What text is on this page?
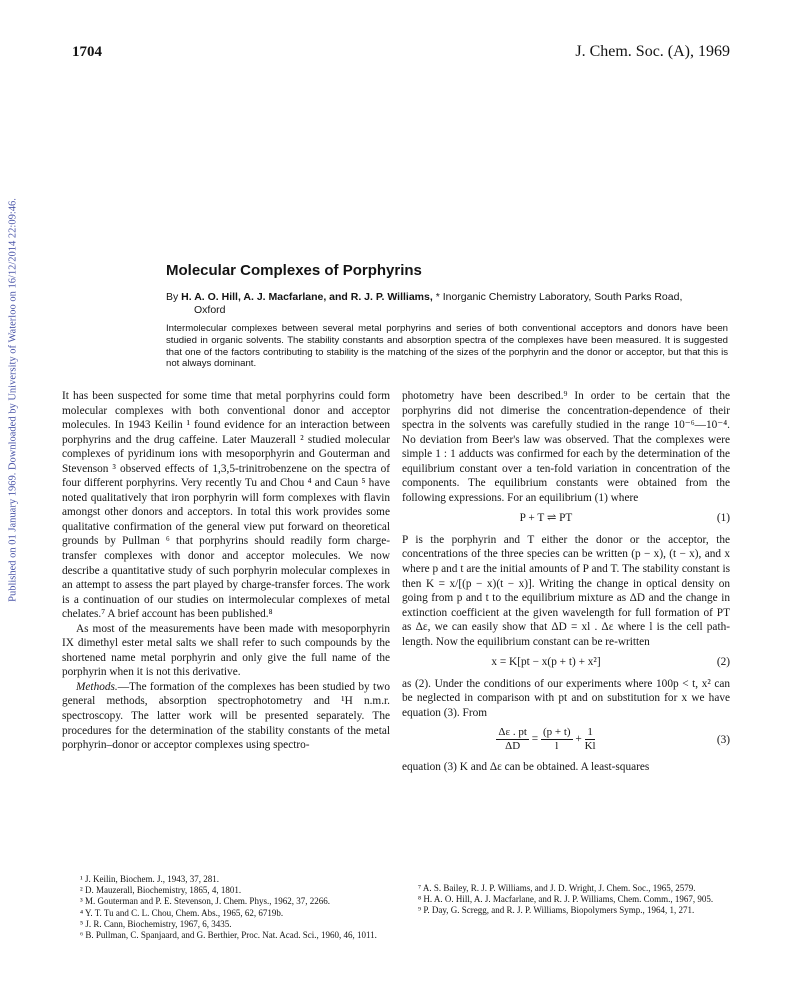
1704	J. Chem. Soc. (A), 1969
Published on 01 January 1969. Downloaded by University of Waterloo on 16/12/2014 22:09:46.	Molecular Complexes of Porphyrins
By H. A. O. Hill, A. J. Macfarlane, and R. J. P. Williams, * Inorganic Chemistry Laboratory, South Parks Road,
Oxford
Intermolecular complexes between several metal porphyrins and series of both conventional acceptors and donors have been studied in organic solvents. The stability constants and absorption spectra of the complexes have been measured. It is suggested that one of the factors contributing to stability is the matching of the sizes of the porphyrin and the donor or acceptor, but that this is not always dominant.

It has been suspected for some time that metal porphyrins could form molecular complexes with both conventional donor and acceptor molecules. In 1943 Keilin ¹ found evidence for an interaction between porphyrins and the drug caffeine. Later Mauzerall ² studied molecular complexes of pyridinum ions with mesoporphyrin and Gouterman and Stevenson ³ observed effects of 1,3,5-trinitrobenzene on the spectra of four different porphyrins. Very recently Tu and Chou ⁴ and Caun ⁵ have noted qualitatively that iron porphyrin will form complexes with flavin amongst other donors and acceptors. In total this work provides some qualitative confirmation of the general view put forward on theoretical grounds by Pullman ⁶ that porphyrins should readily form charge-transfer complexes with donor and acceptor molecules. We now describe a quantitative study of such porphyrin molecular complexes in an attempt to assess the part played by charge-transfer forces. The work is a continuation of our studies on intermolecular complexes of metal chelates.⁷ A brief account has been published.⁸

As most of the measurements have been made with mesoporphyrin IX dimethyl ester metal salts we shall refer to such compounds by the shortened name metal porphyrin and only give the full name of the porphyrin when it is not this derivative.

Methods.—The formation of the complexes has been studied by two general methods, absorption spectrophotometry and ¹H n.m.r. spectroscopy. The latter work will be presented separately. The procedures for the determination of the stability constants of the metal porphyrin–donor or acceptor complexes using spectro-

photometry have been described.⁹ In order to be certain that the porphyrins did not dimerise the concentration-dependence of their spectra in the solvents was carefully studied in the range 10⁻⁶—10⁻⁴. No deviation from Beer's law was observed. That the complexes were simple 1 : 1 adducts was confirmed for each by the determination of the equilibrium constant over a ten-fold variation in concentration of the components. The equilibrium constants were obtained from the following expressions. For an equilibrium (1) where

P + T ⇌ PT	(1)

P is the porphyrin and T either the donor or the acceptor, the concentrations of the three species can be written (p − x), (t − x), and x where p and t are the initial amounts of P and T. The stability constant is then K = x/[(p − x)(t − x)]. Writing the change in optical density on going from p and t to the equilibrium mixture as ΔD and the change in extinction coefficient at the given wavelength for full formation of PT as Δε, we can easily show that ΔD = xl . Δε where l is the cell path-length. Now the equilibrium constant can be re-written

x = K[pt − x(p + t) + x²]	(2)

as (2). Under the conditions of our experiments where 100p < t, x² can be neglected in comparison with pt and on substitution for x we have equation (3). From

$\frac{\Delta\varepsilon . pt}{\Delta D} = \frac{(p + t)}{l} + \frac{1}{Kl}$	(3)

equation (3) K and Δε can be obtained. A least-squares

¹ J. Keilin, Biochem. J., 1943, 37, 281.
² D. Mauzerall, Biochemistry, 1865, 4, 1801.
³ M. Gouterman and P. E. Stevenson, J. Chem. Phys., 1962, 37, 2266.
⁴ Y. T. Tu and C. L. Chou, Chem. Abs., 1965, 62, 6719b.
⁵ J. R. Cann, Biochemistry, 1967, 6, 3435.
⁶ B. Pullman, C. Spanjaard, and G. Berthier, Proc. Nat. Acad. Sci., 1960, 46, 1011.
⁷ A. S. Bailey, R. J. P. Williams, and J. D. Wright, J. Chem. Soc., 1965, 2579.
⁸ H. A. O. Hill, A. J. Macfarlane, and R. J. P. Williams, Chem. Comm., 1967, 905.
⁹ P. Day, G. Scregg, and R. J. P. Williams, Biopolymers Symp., 1964, 1, 271.
